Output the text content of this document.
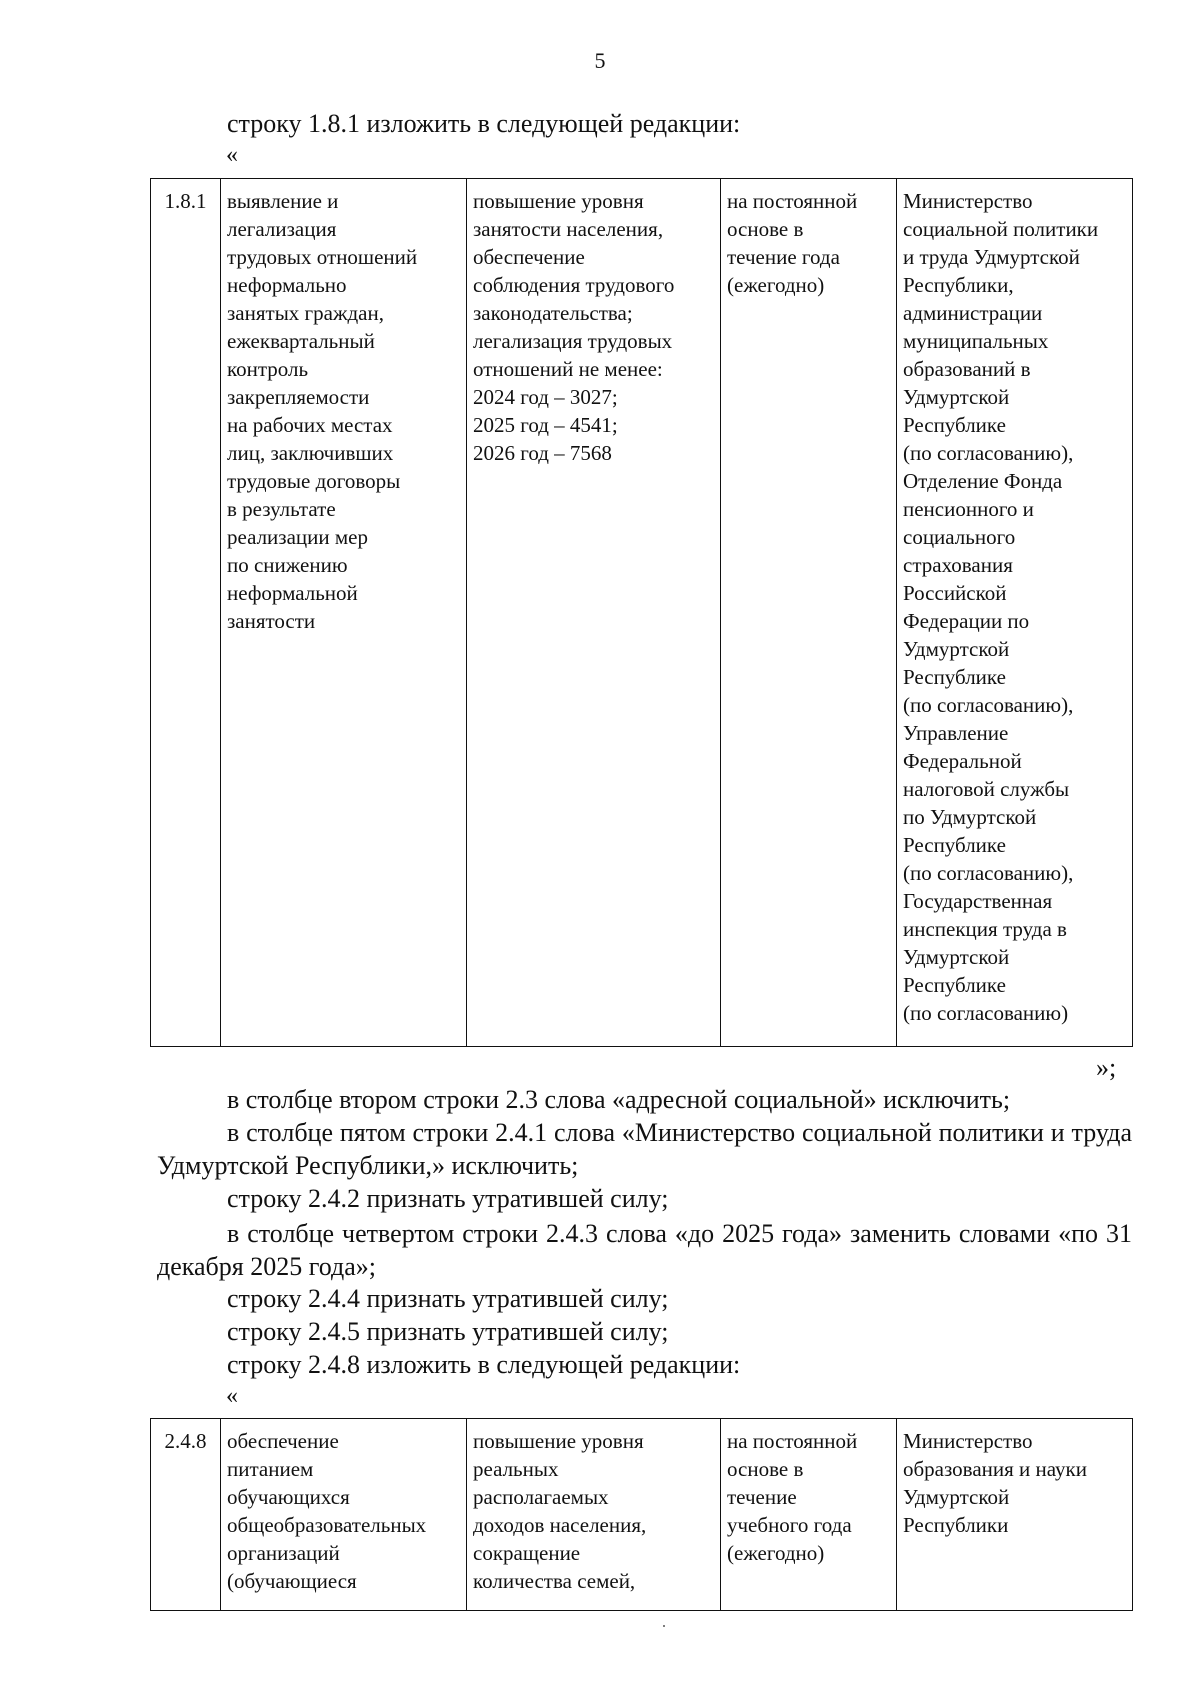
5
строку 1.8.1 изложить в следующей редакции:
«
1.8.1	выявление и
легализация
трудовых отношений
неформально
занятых граждан,
ежеквартальный
контроль
закрепляемости
на рабочих местах
лиц, заключивших
трудовые договоры
в результате
реализации мер
по снижению
неформальной
занятости	повышение уровня
занятости населения,
обеспечение
соблюдения трудового
законодательства;
легализация трудовых
отношений не менее:
2024 год – 3027;
2025 год – 4541;
2026 год – 7568	на постоянной
основе в
течение года
(ежегодно)	Министерство
социальной политики
и труда Удмуртской
Республики,
администрации
муниципальных
образований в
Удмуртской
Республике
(по согласованию),
Отделение Фонда
пенсионного и
социального
страхования
Российской
Федерации по
Удмуртской
Республике
(по согласованию),
Управление
Федеральной
налоговой службы
по Удмуртской
Республике
(по согласованию),
Государственная
инспекция труда в
Удмуртской
Республике
(по согласованию)
»;
в столбце втором строки 2.3 слова «адресной социальной» исключить;
в столбце пятом строки 2.4.1 слова «Министерство социальной политики и труда Удмуртской Республики,» исключить;
строку 2.4.2 признать утратившей силу;
в столбце четвертом строки 2.4.3 слова «до 2025 года» заменить словами «по 31 декабря 2025 года»;
строку 2.4.4 признать утратившей силу;
строку 2.4.5 признать утратившей силу;
строку 2.4.8 изложить в следующей редакции:
«
2.4.8	обеспечение
питанием
обучающихся
общеобразовательных
организаций
(обучающиеся	повышение уровня
реальных
располагаемых
доходов населения,
сокращение
количества семей,	на постоянной
основе в
течение
учебного года
(ежегодно)	Министерство
образования и науки
Удмуртской
Республики
